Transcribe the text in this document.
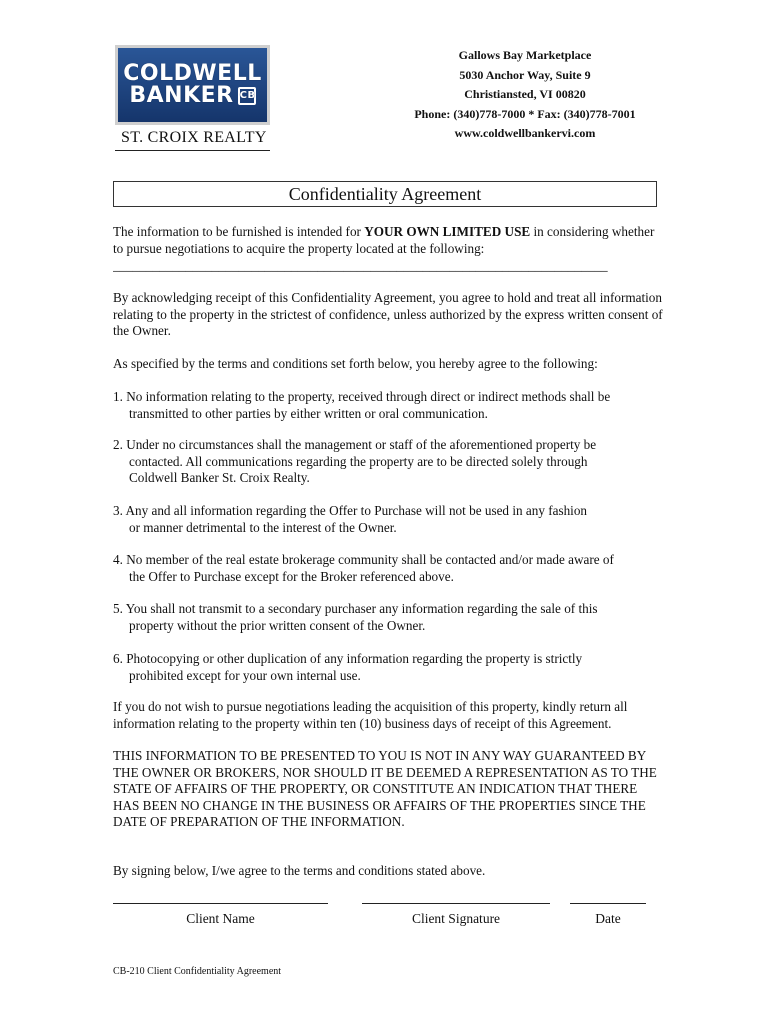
COLDWELL
BANKER CB
ST. CROIX REALTY
Gallows Bay Marketplace
5030 Anchor Way, Suite 9
Christiansted, VI 00820
Phone: (340)778-7000 * Fax: (340)778-7001
www.coldwellbankervi.com
Confidentiality Agreement
The information to be furnished is intended for YOUR OWN LIMITED USE in considering whether to pursue negotiations to acquire the property located at the following:
___________________________________________________________________________
By acknowledging receipt of this Confidentiality Agreement, you agree to hold and treat all information relating to the property in the strictest of confidence, unless authorized by the express written consent of the Owner.
As specified by the terms and conditions set forth below, you hereby agree to the following:
1. No information relating to the property, received through direct or indirect methods shall be transmitted to other parties by either written or oral communication.
2. Under no circumstances shall the management or staff of the aforementioned property be contacted. All communications regarding the property are to be directed solely through Coldwell Banker St. Croix Realty.
3. Any and all information regarding the Offer to Purchase will not be used in any fashion or manner detrimental to the interest of the Owner.
4. No member of the real estate brokerage community shall be contacted and/or made aware of the Offer to Purchase except for the Broker referenced above.
5. You shall not transmit to a secondary purchaser any information regarding the sale of this property without the prior written consent of the Owner.
6. Photocopying or other duplication of any information regarding the property is strictly prohibited except for your own internal use.
If you do not wish to pursue negotiations leading the acquisition of this property, kindly return all information relating to the property within ten (10) business days of receipt of this Agreement.
THIS INFORMATION TO BE PRESENTED TO YOU IS NOT IN ANY WAY GUARANTEED BY THE OWNER OR BROKERS, NOR SHOULD IT BE DEEMED A REPRESENTATION AS TO THE STATE OF AFFAIRS OF THE PROPERTY, OR CONSTITUTE AN INDICATION THAT THERE HAS BEEN NO CHANGE IN THE BUSINESS OR AFFAIRS OF THE PROPERTIES SINCE THE DATE OF PREPARATION OF THE INFORMATION.
By signing below, I/we agree to the terms and conditions stated above.
Client Name	Client Signature	Date
CB-210 Client Confidentiality Agreement
